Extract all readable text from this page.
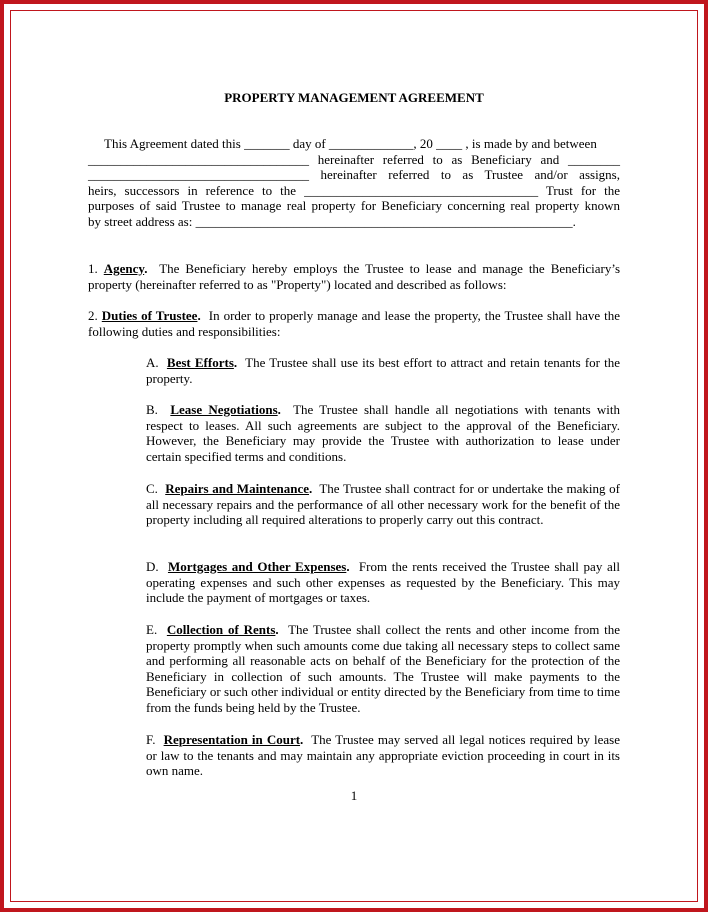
PROPERTY MANAGEMENT AGREEMENT
This Agreement dated this _______ day of _____________, 20 ____ , is made by and between
__________________________________ hereinafter referred to as Beneficiary and ________
__________________________________ hereinafter referred to as Trustee and/or assigns,
heirs, successors in reference to the ____________________________________ Trust for the
purposes of said Trustee to manage real property for Beneficiary concerning real property known
by street address as: __________________________________________________________.
1. Agency. The Beneficiary hereby employs the Trustee to lease and manage the Beneficiary’s property (hereinafter referred to as "Property") located and described as follows:
2. Duties of Trustee. In order to properly manage and lease the property, the Trustee shall have the following duties and responsibilities:
A. Best Efforts. The Trustee shall use its best effort to attract and retain tenants for the property.
B. Lease Negotiations. The Trustee shall handle all negotiations with tenants with respect to leases. All such agreements are subject to the approval of the Beneficiary. However, the Beneficiary may provide the Trustee with authorization to lease under certain specified terms and conditions.
C. Repairs and Maintenance. The Trustee shall contract for or undertake the making of all necessary repairs and the performance of all other necessary work for the benefit of the property including all required alterations to properly carry out this contract.
D. Mortgages and Other Expenses. From the rents received the Trustee shall pay all operating expenses and such other expenses as requested by the Beneficiary. This may include the payment of mortgages or taxes.
E. Collection of Rents. The Trustee shall collect the rents and other income from the property promptly when such amounts come due taking all necessary steps to collect same and performing all reasonable acts on behalf of the Beneficiary for the protection of the Beneficiary in collection of such amounts. The Trustee will make payments to the Beneficiary or such other individual or entity directed by the Beneficiary from time to time from the funds being held by the Trustee.
F. Representation in Court. The Trustee may served all legal notices required by lease or law to the tenants and may maintain any appropriate eviction proceeding in court in its own name.
1
